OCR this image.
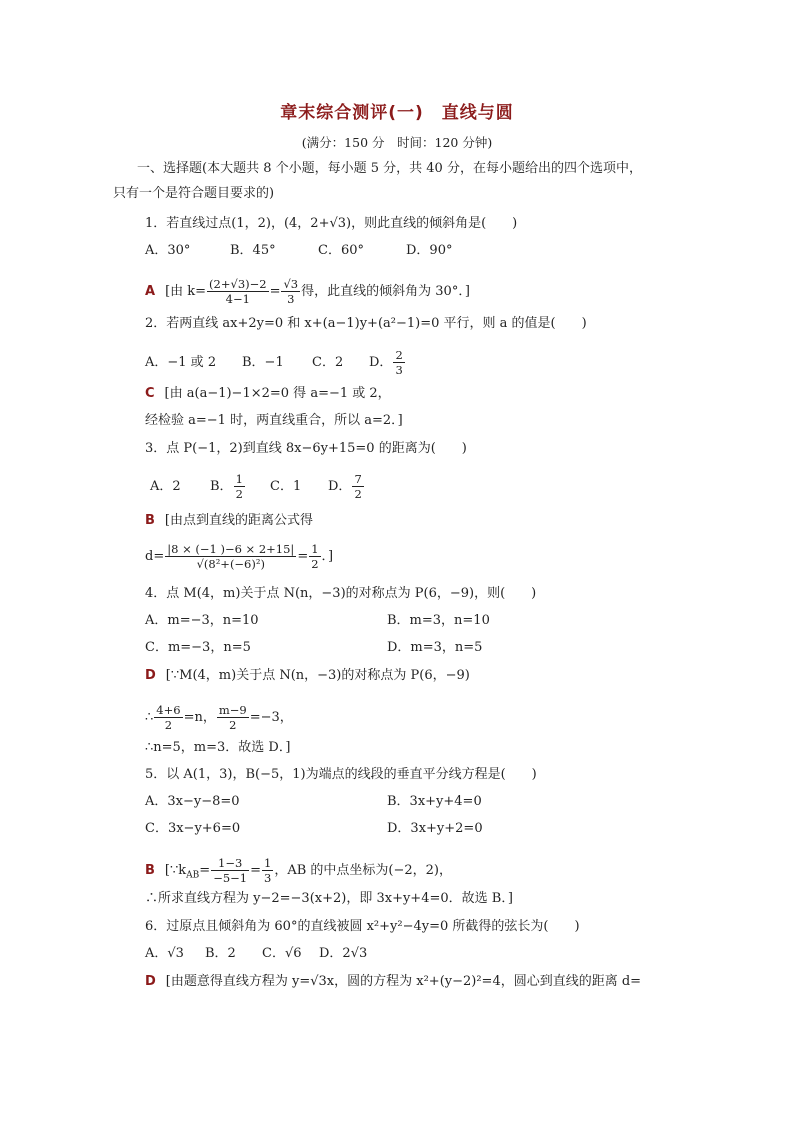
章末综合测评(一) 直线与圆
(满分：150 分　时间：120 分钟)
一、选择题(本大题共 8 个小题，每小题 5 分，共 40 分，在每小题给出的四个选项中，
只有一个是符合题目要求的)
1．若直线过点(1，2)，(4，2+√3)，则此直线的倾斜角是(　　)
A．30°	B．45°	C．60°	D．90°
A [由 $k= \frac{(2+√3)-2}{4-1} = \frac{√3}{3}$ 得，此直线的倾斜角为 30°．]
2．若两直线 ax+2y=0 和 x+(a−1)y+(a²−1)=0 平行，则 a 的值是(　　)
A．−1 或 2 B．−1 C．2 D． $\frac{2}{3}$
C [由 a(a−1)−1×2=0 得 a=−1 或 2，
经检验 a=−1 时，两直线重合，所以 a=2．]
3．点 P(−1，2)到直线 8x−6y+15=0 的距离为(　　)
A．2 B． $\frac{1}{2}$ C．1 D． $\frac{7}{2}$
B [由点到直线的距离公式得
$d= \frac{|8 \times (-1 )-6 \times 2+15|}{\text{√(8²+(−6)²)}} = \frac{1}{2}$ ．]
4．点 M(4，m)关于点 N(n，−3)的对称点为 P(6，−9)，则(　　)
A．m=−3，n=10	B．m=3，n=10
C．m=−3，n=5	D．m=3，n=5
D [∵M(4，m)关于点 N(n，−3)的对称点为 P(6，−9)
∴ $\frac{4+6}{2} =n$， $\frac{m-9}{2} =-3$，
∴n=5，m=3．故选 D．]
5．以 A(1，3)，B(−5，1)为端点的线段的垂直平分线方程是(　　)
A．3x−y−8=0	B．3x+y+4=0
C．3x−y+6=0	D．3x+y+2=0
B [$\because k_{AB}= \frac{1-3}{-5-1} = \frac{1}{3}$ ，AB 的中点坐标为(−2，2)，
∴所求直线方程为 y−2=−3(x+2)，即 3x+y+4=0．故选 B．]
6．过原点且倾斜角为 60°的直线被圆 x²+y²−4y=0 所截得的弦长为(　　)
A．√3 B．2 C．√6 D．2√3
D [由题意得直线方程为 y=√3x，圆的方程为 x²+(y−2)²=4，圆心到直线的距离 d=
